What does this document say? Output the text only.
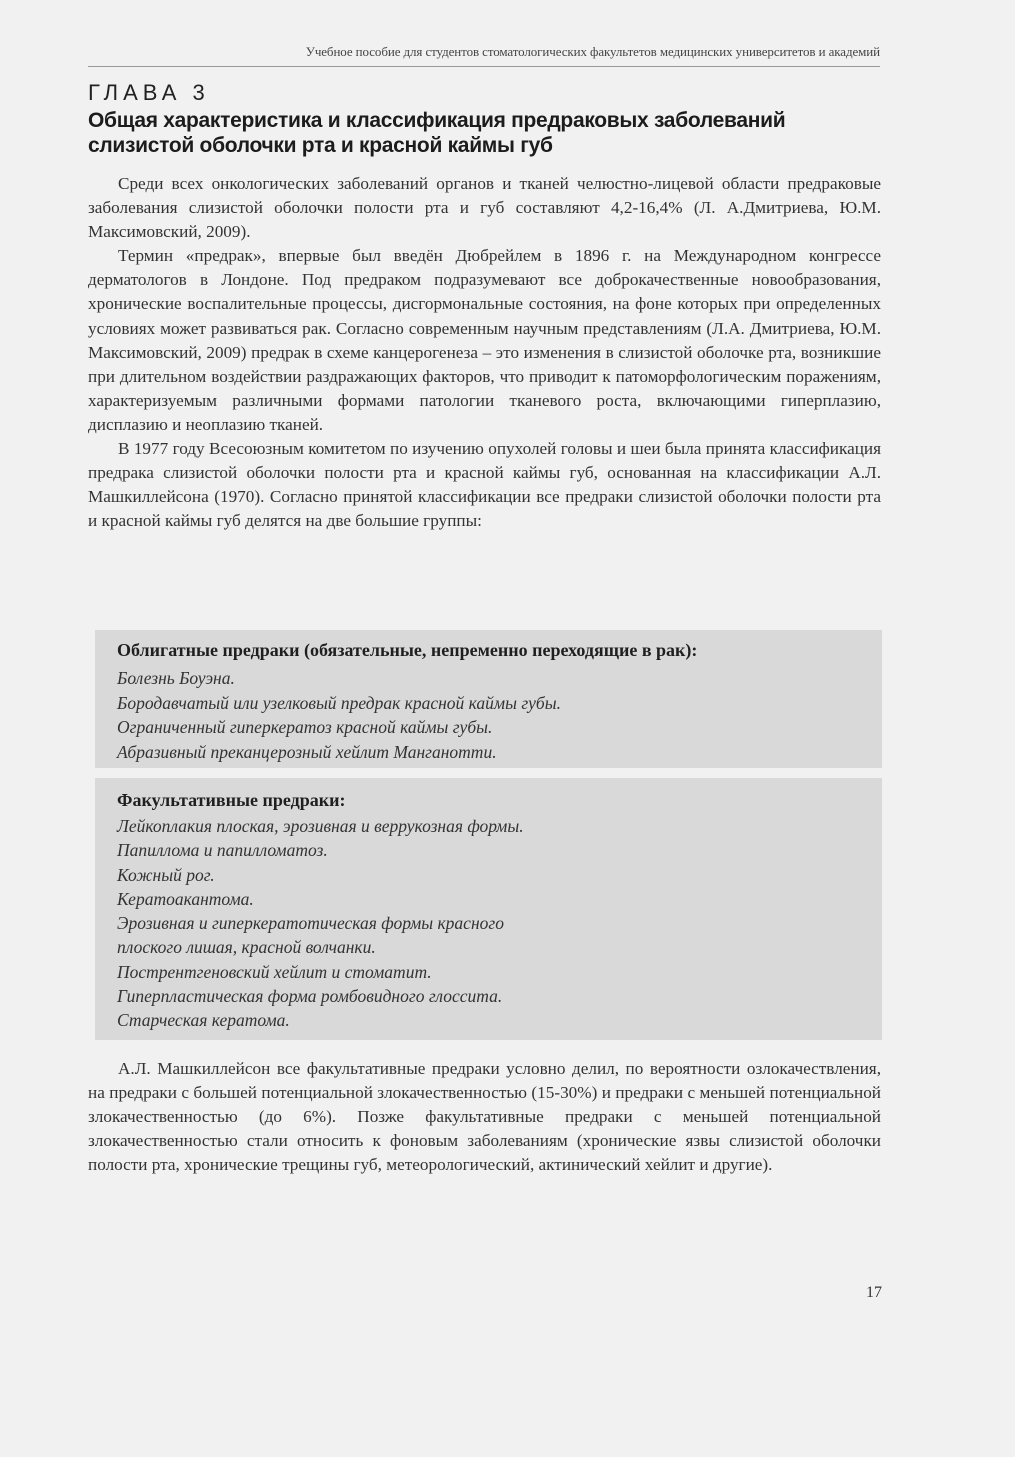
Учебное пособие для студентов стоматологических факультетов медицинских университетов и академий
ГЛАВА 3
Общая характеристика и классификация предраковых заболеваний
слизистой оболочки рта и красной каймы губ

Среди всех онкологических заболеваний органов и тканей челюстно-лицевой области предраковые заболевания слизистой оболочки полости рта и губ составляют 4,2-16,4% (Л. А.Дмитриева, Ю.М. Максимовский, 2009).

Термин «предрак», впервые был введён Дюбрейлем в 1896 г. на Международном конгрессе дерматологов в Лондоне. Под предраком подразумевают все доброкачественные новообразования, хронические воспалительные процессы, дисгормональные состояния, на фоне которых при определенных условиях может развиваться рак. Согласно современным научным представлениям (Л.А. Дмитриева, Ю.М. Максимовский, 2009) предрак в схеме канцерогенеза – это изменения в слизистой оболочке рта, возникшие при длительном воздействии раздражающих факторов, что приводит к патоморфологическим поражениям, характеризуемым различными формами патологии тканевого роста, включающими гиперплазию, дисплазию и неоплазию тканей.

В 1977 году Всесоюзным комитетом по изучению опухолей головы и шеи была принята классификация предрака слизистой оболочки полости рта и красной каймы губ, основанная на классификации А.Л. Машкиллейсона (1970). Согласно принятой классификации все предраки слизистой оболочки полости рта и красной каймы губ делятся на две большие группы:

Облигатные предраки (обязательные, непременно переходящие в рак):
Болезнь Боуэна.
Бородавчатый или узелковый предрак красной каймы губы.
Ограниченный гиперкератоз красной каймы губы.
Абразивный преканцерозный хейлит Манганотти.
Факультативные предраки:
Лейкоплакия плоская, эрозивная и веррукозная формы.
Папиллома и папилломатоз.
Кожный рог.
Кератоакантома.
Эрозивная и гиперкератотическая формы красного
плоского лишая, красной волчанки.
Пострентгеновский хейлит и стоматит.
Гиперпластическая форма ромбовидного глоссита.
Старческая кератома.

А.Л. Машкиллейсон все факультативные предраки условно делил, по вероятности озлокачествления, на предраки с большей потенциальной злокачественностью (15-30%) и предраки с меньшей потенциальной злокачественностью (до 6%). Позже факультативные предраки с меньшей потенциальной злокачественностью стали относить к фоновым заболеваниям (хронические язвы слизистой оболочки полости рта, хронические трещины губ, метеорологический, актинический хейлит и другие).

17
